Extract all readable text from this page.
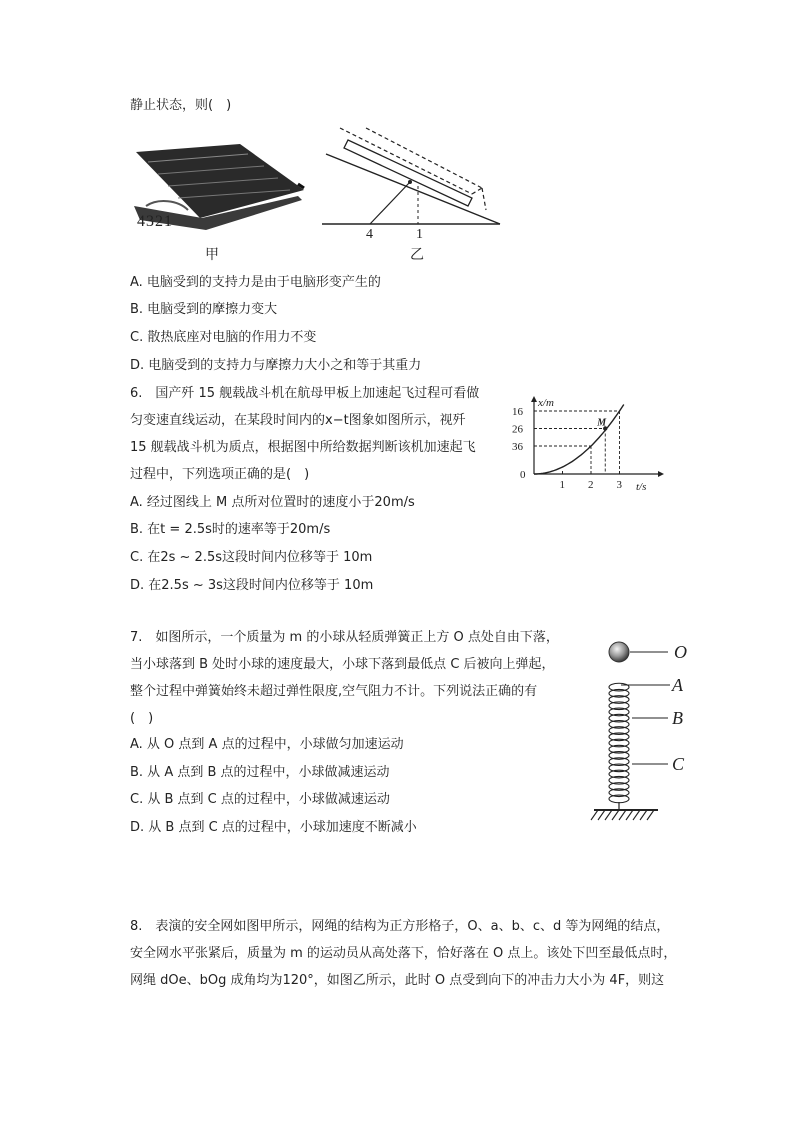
静止状态，则(　)
4321
甲
4	1
乙
A. 电脑受到的支持力是由于电脑形变产生的
B. 电脑受到的摩擦力变大
C. 散热底座对电脑的作用力不变
D. 电脑受到的支持力与摩擦力大小之和等于其重力
6.　国产歼 15 舰载战斗机在航母甲板上加速起飞过程可看做
匀变速直线运动，在某段时间内的x−t图象如图所示，视歼
15 舰载战斗机为质点，根据图中所给数据判断该机加速起飞
过程中，下列选项正确的是(　)
A. 经过图线上 M 点所对位置时的速度小于20m/s
B. 在t = 2.5s时的速率等于20m/s
C. 在2s ~ 2.5s这段时间内位移等于 10m
D. 在2.5s ~ 3s这段时间内位移等于 10m
x/m
t/s
0
36
26
16
1 2 3
M
7.　如图所示，一个质量为 m 的小球从轻质弹簧正上方 O 点处自由下落，
当小球落到 B 处时小球的速度最大，小球下落到最低点 C 后被向上弹起，
整个过程中弹簧始终未超过弹性限度,空气阻力不计。下列说法正确的有
(　)
A. 从 O 点到 A 点的过程中，小球做匀加速运动
B. 从 A 点到 B 点的过程中，小球做减速运动
C. 从 B 点到 C 点的过程中，小球做减速运动
D. 从 B 点到 C 点的过程中，小球加速度不断减小
O
A
B
C
8.　表演的安全网如图甲所示，网绳的结构为正方形格子，O、a、b、c、d 等为网绳的结点，
安全网水平张紧后，质量为 m 的运动员从高处落下，恰好落在 O 点上。该处下凹至最低点时，
网绳 dOe、bOg 成角均为120°，如图乙所示，此时 O 点受到向下的冲击力大小为 4F，则这
